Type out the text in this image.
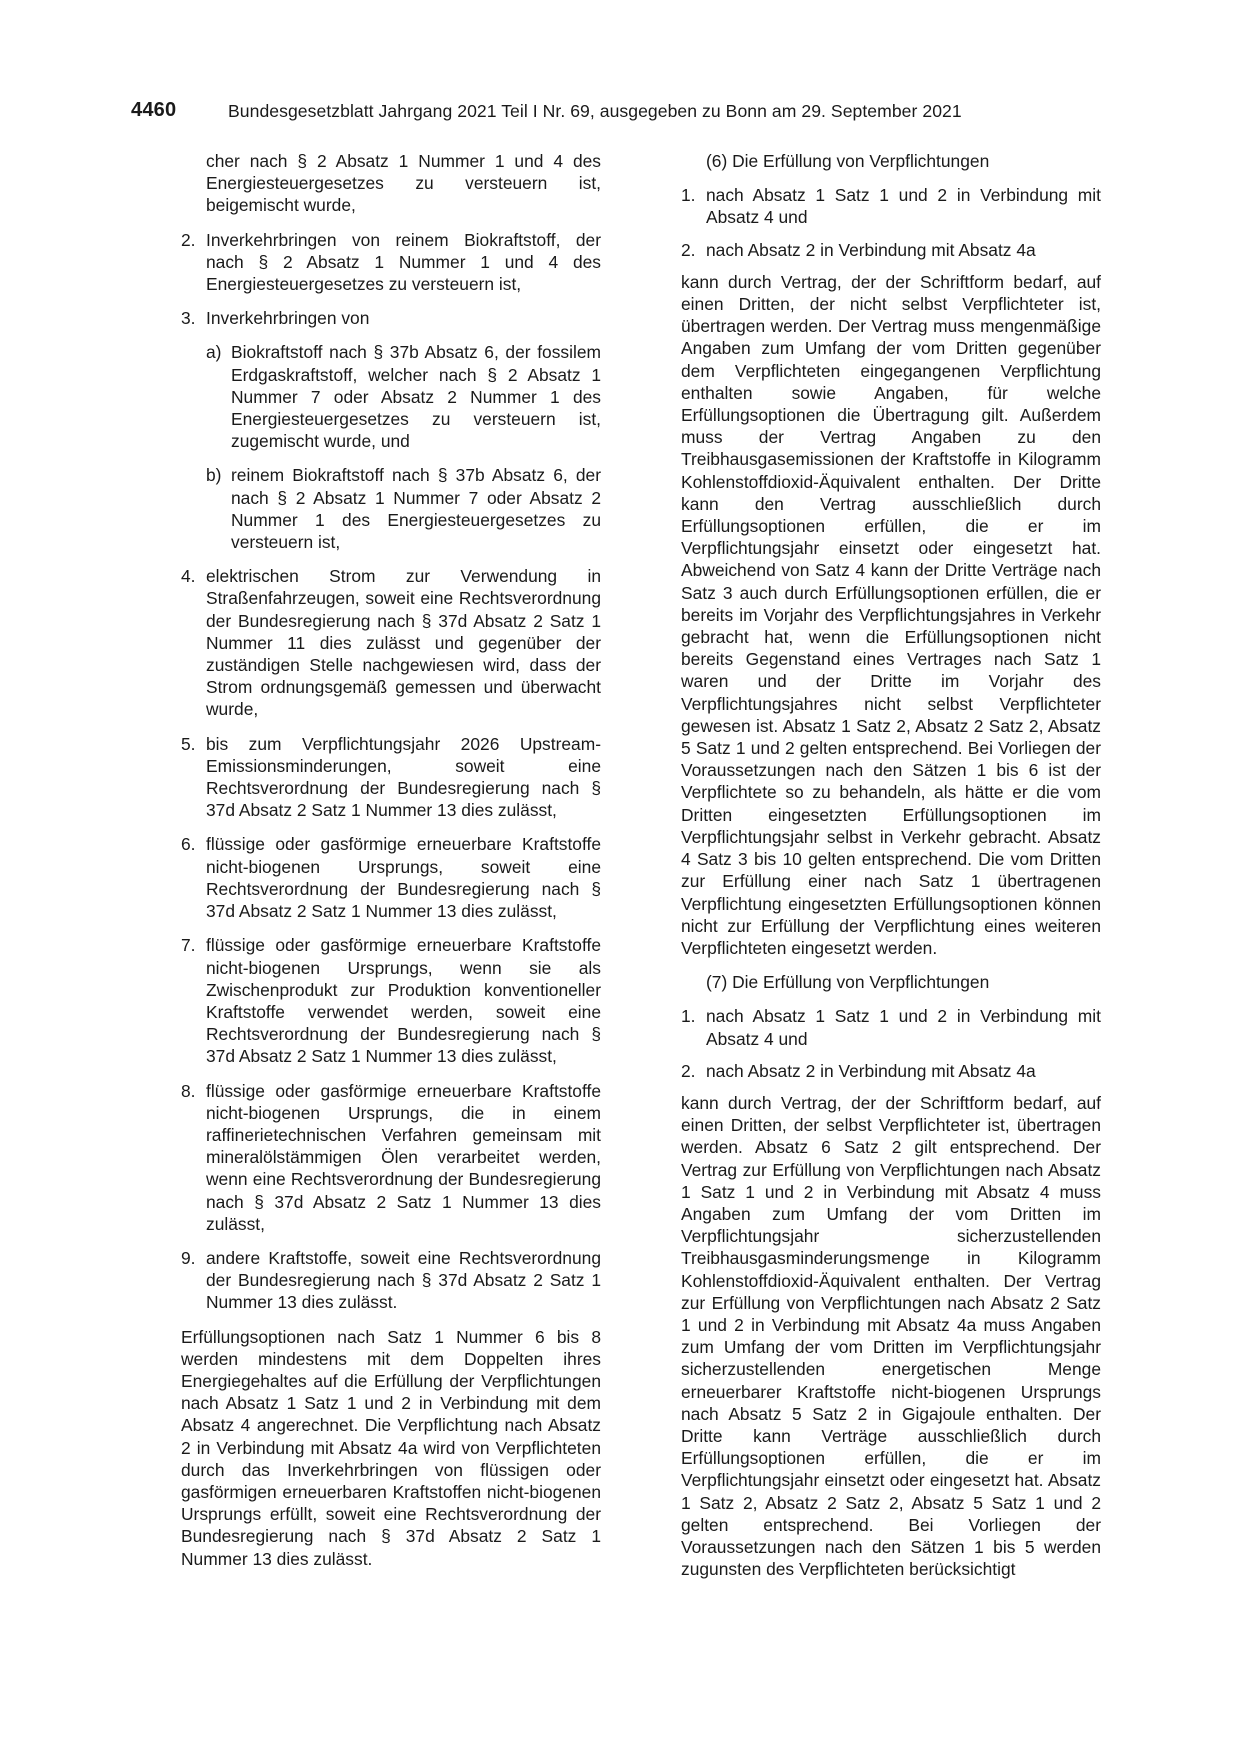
4460	Bundesgesetzblatt Jahrgang 2021 Teil I Nr. 69, ausgegeben zu Bonn am 29. September 2021
cher nach § 2 Absatz 1 Nummer 1 und 4 des Energiesteuergesetzes zu versteuern ist, beigemischt wurde,
2. Inverkehrbringen von reinem Biokraftstoff, der nach § 2 Absatz 1 Nummer 1 und 4 des Energiesteuergesetzes zu versteuern ist,
3. Inverkehrbringen von
a) Biokraftstoff nach § 37b Absatz 6, der fossilem Erdgaskraftstoff, welcher nach § 2 Absatz 1 Nummer 7 oder Absatz 2 Nummer 1 des Energiesteuergesetzes zu versteuern ist, zugemischt wurde, und
b) reinem Biokraftstoff nach § 37b Absatz 6, der nach § 2 Absatz 1 Nummer 7 oder Absatz 2 Nummer 1 des Energiesteuergesetzes zu versteuern ist,
4. elektrischen Strom zur Verwendung in Straßenfahrzeugen, soweit eine Rechtsverordnung der Bundesregierung nach § 37d Absatz 2 Satz 1 Nummer 11 dies zulässt und gegenüber der zuständigen Stelle nachgewiesen wird, dass der Strom ordnungsgemäß gemessen und überwacht wurde,
5. bis zum Verpflichtungsjahr 2026 Upstream-Emissionsminderungen, soweit eine Rechtsverordnung der Bundesregierung nach § 37d Absatz 2 Satz 1 Nummer 13 dies zulässt,
6. flüssige oder gasförmige erneuerbare Kraftstoffe nicht-biogenen Ursprungs, soweit eine Rechtsverordnung der Bundesregierung nach § 37d Absatz 2 Satz 1 Nummer 13 dies zulässt,
7. flüssige oder gasförmige erneuerbare Kraftstoffe nicht-biogenen Ursprungs, wenn sie als Zwischenprodukt zur Produktion konventioneller Kraftstoffe verwendet werden, soweit eine Rechtsverordnung der Bundesregierung nach § 37d Absatz 2 Satz 1 Nummer 13 dies zulässt,
8. flüssige oder gasförmige erneuerbare Kraftstoffe nicht-biogenen Ursprungs, die in einem raffinerietechnischen Verfahren gemeinsam mit mineralölstämmigen Ölen verarbeitet werden, wenn eine Rechtsverordnung der Bundesregierung nach § 37d Absatz 2 Satz 1 Nummer 13 dies zulässt,
9. andere Kraftstoffe, soweit eine Rechtsverordnung der Bundesregierung nach § 37d Absatz 2 Satz 1 Nummer 13 dies zulässt.
Erfüllungsoptionen nach Satz 1 Nummer 6 bis 8 werden mindestens mit dem Doppelten ihres Energiegehaltes auf die Erfüllung der Verpflichtungen nach Absatz 1 Satz 1 und 2 in Verbindung mit dem Absatz 4 angerechnet. Die Verpflichtung nach Absatz 2 in Verbindung mit Absatz 4a wird von Verpflichteten durch das Inverkehrbringen von flüssigen oder gasförmigen erneuerbaren Kraftstoffen nicht-biogenen Ursprungs erfüllt, soweit eine Rechtsverordnung der Bundesregierung nach § 37d Absatz 2 Satz 1 Nummer 13 dies zulässt.
(6) Die Erfüllung von Verpflichtungen
1. nach Absatz 1 Satz 1 und 2 in Verbindung mit Absatz 4 und
2. nach Absatz 2 in Verbindung mit Absatz 4a
kann durch Vertrag, der der Schriftform bedarf, auf einen Dritten, der nicht selbst Verpflichteter ist, übertragen werden. Der Vertrag muss mengenmäßige Angaben zum Umfang der vom Dritten gegenüber dem Verpflichteten eingegangenen Verpflichtung enthalten sowie Angaben, für welche Erfüllungsoptionen die Übertragung gilt. Außerdem muss der Vertrag Angaben zu den Treibhausgasemissionen der Kraftstoffe in Kilogramm Kohlenstoffdioxid-Äquivalent enthalten. Der Dritte kann den Vertrag ausschließlich durch Erfüllungsoptionen erfüllen, die er im Verpflichtungsjahr einsetzt oder eingesetzt hat. Abweichend von Satz 4 kann der Dritte Verträge nach Satz 3 auch durch Erfüllungsoptionen erfüllen, die er bereits im Vorjahr des Verpflichtungsjahres in Verkehr gebracht hat, wenn die Erfüllungsoptionen nicht bereits Gegenstand eines Vertrages nach Satz 1 waren und der Dritte im Vorjahr des Verpflichtungsjahres nicht selbst Verpflichteter gewesen ist. Absatz 1 Satz 2, Absatz 2 Satz 2, Absatz 5 Satz 1 und 2 gelten entsprechend. Bei Vorliegen der Voraussetzungen nach den Sätzen 1 bis 6 ist der Verpflichtete so zu behandeln, als hätte er die vom Dritten eingesetzten Erfüllungsoptionen im Verpflichtungsjahr selbst in Verkehr gebracht. Absatz 4 Satz 3 bis 10 gelten entsprechend. Die vom Dritten zur Erfüllung einer nach Satz 1 übertragenen Verpflichtung eingesetzten Erfüllungsoptionen können nicht zur Erfüllung der Verpflichtung eines weiteren Verpflichteten eingesetzt werden.
(7) Die Erfüllung von Verpflichtungen
1. nach Absatz 1 Satz 1 und 2 in Verbindung mit Absatz 4 und
2. nach Absatz 2 in Verbindung mit Absatz 4a
kann durch Vertrag, der der Schriftform bedarf, auf einen Dritten, der selbst Verpflichteter ist, übertragen werden. Absatz 6 Satz 2 gilt entsprechend. Der Vertrag zur Erfüllung von Verpflichtungen nach Absatz 1 Satz 1 und 2 in Verbindung mit Absatz 4 muss Angaben zum Umfang der vom Dritten im Verpflichtungsjahr sicherzustellenden Treibhausgasminderungsmenge in Kilogramm Kohlenstoffdioxid-Äquivalent enthalten. Der Vertrag zur Erfüllung von Verpflichtungen nach Absatz 2 Satz 1 und 2 in Verbindung mit Absatz 4a muss Angaben zum Umfang der vom Dritten im Verpflichtungsjahr sicherzustellenden energetischen Menge erneuerbarer Kraftstoffe nicht-biogenen Ursprungs nach Absatz 5 Satz 2 in Gigajoule enthalten. Der Dritte kann Verträge ausschließlich durch Erfüllungsoptionen erfüllen, die er im Verpflichtungsjahr einsetzt oder eingesetzt hat. Absatz 1 Satz 2, Absatz 2 Satz 2, Absatz 5 Satz 1 und 2 gelten entsprechend. Bei Vorliegen der Voraussetzungen nach den Sätzen 1 bis 5 werden zugunsten des Verpflichteten berücksichtigt
